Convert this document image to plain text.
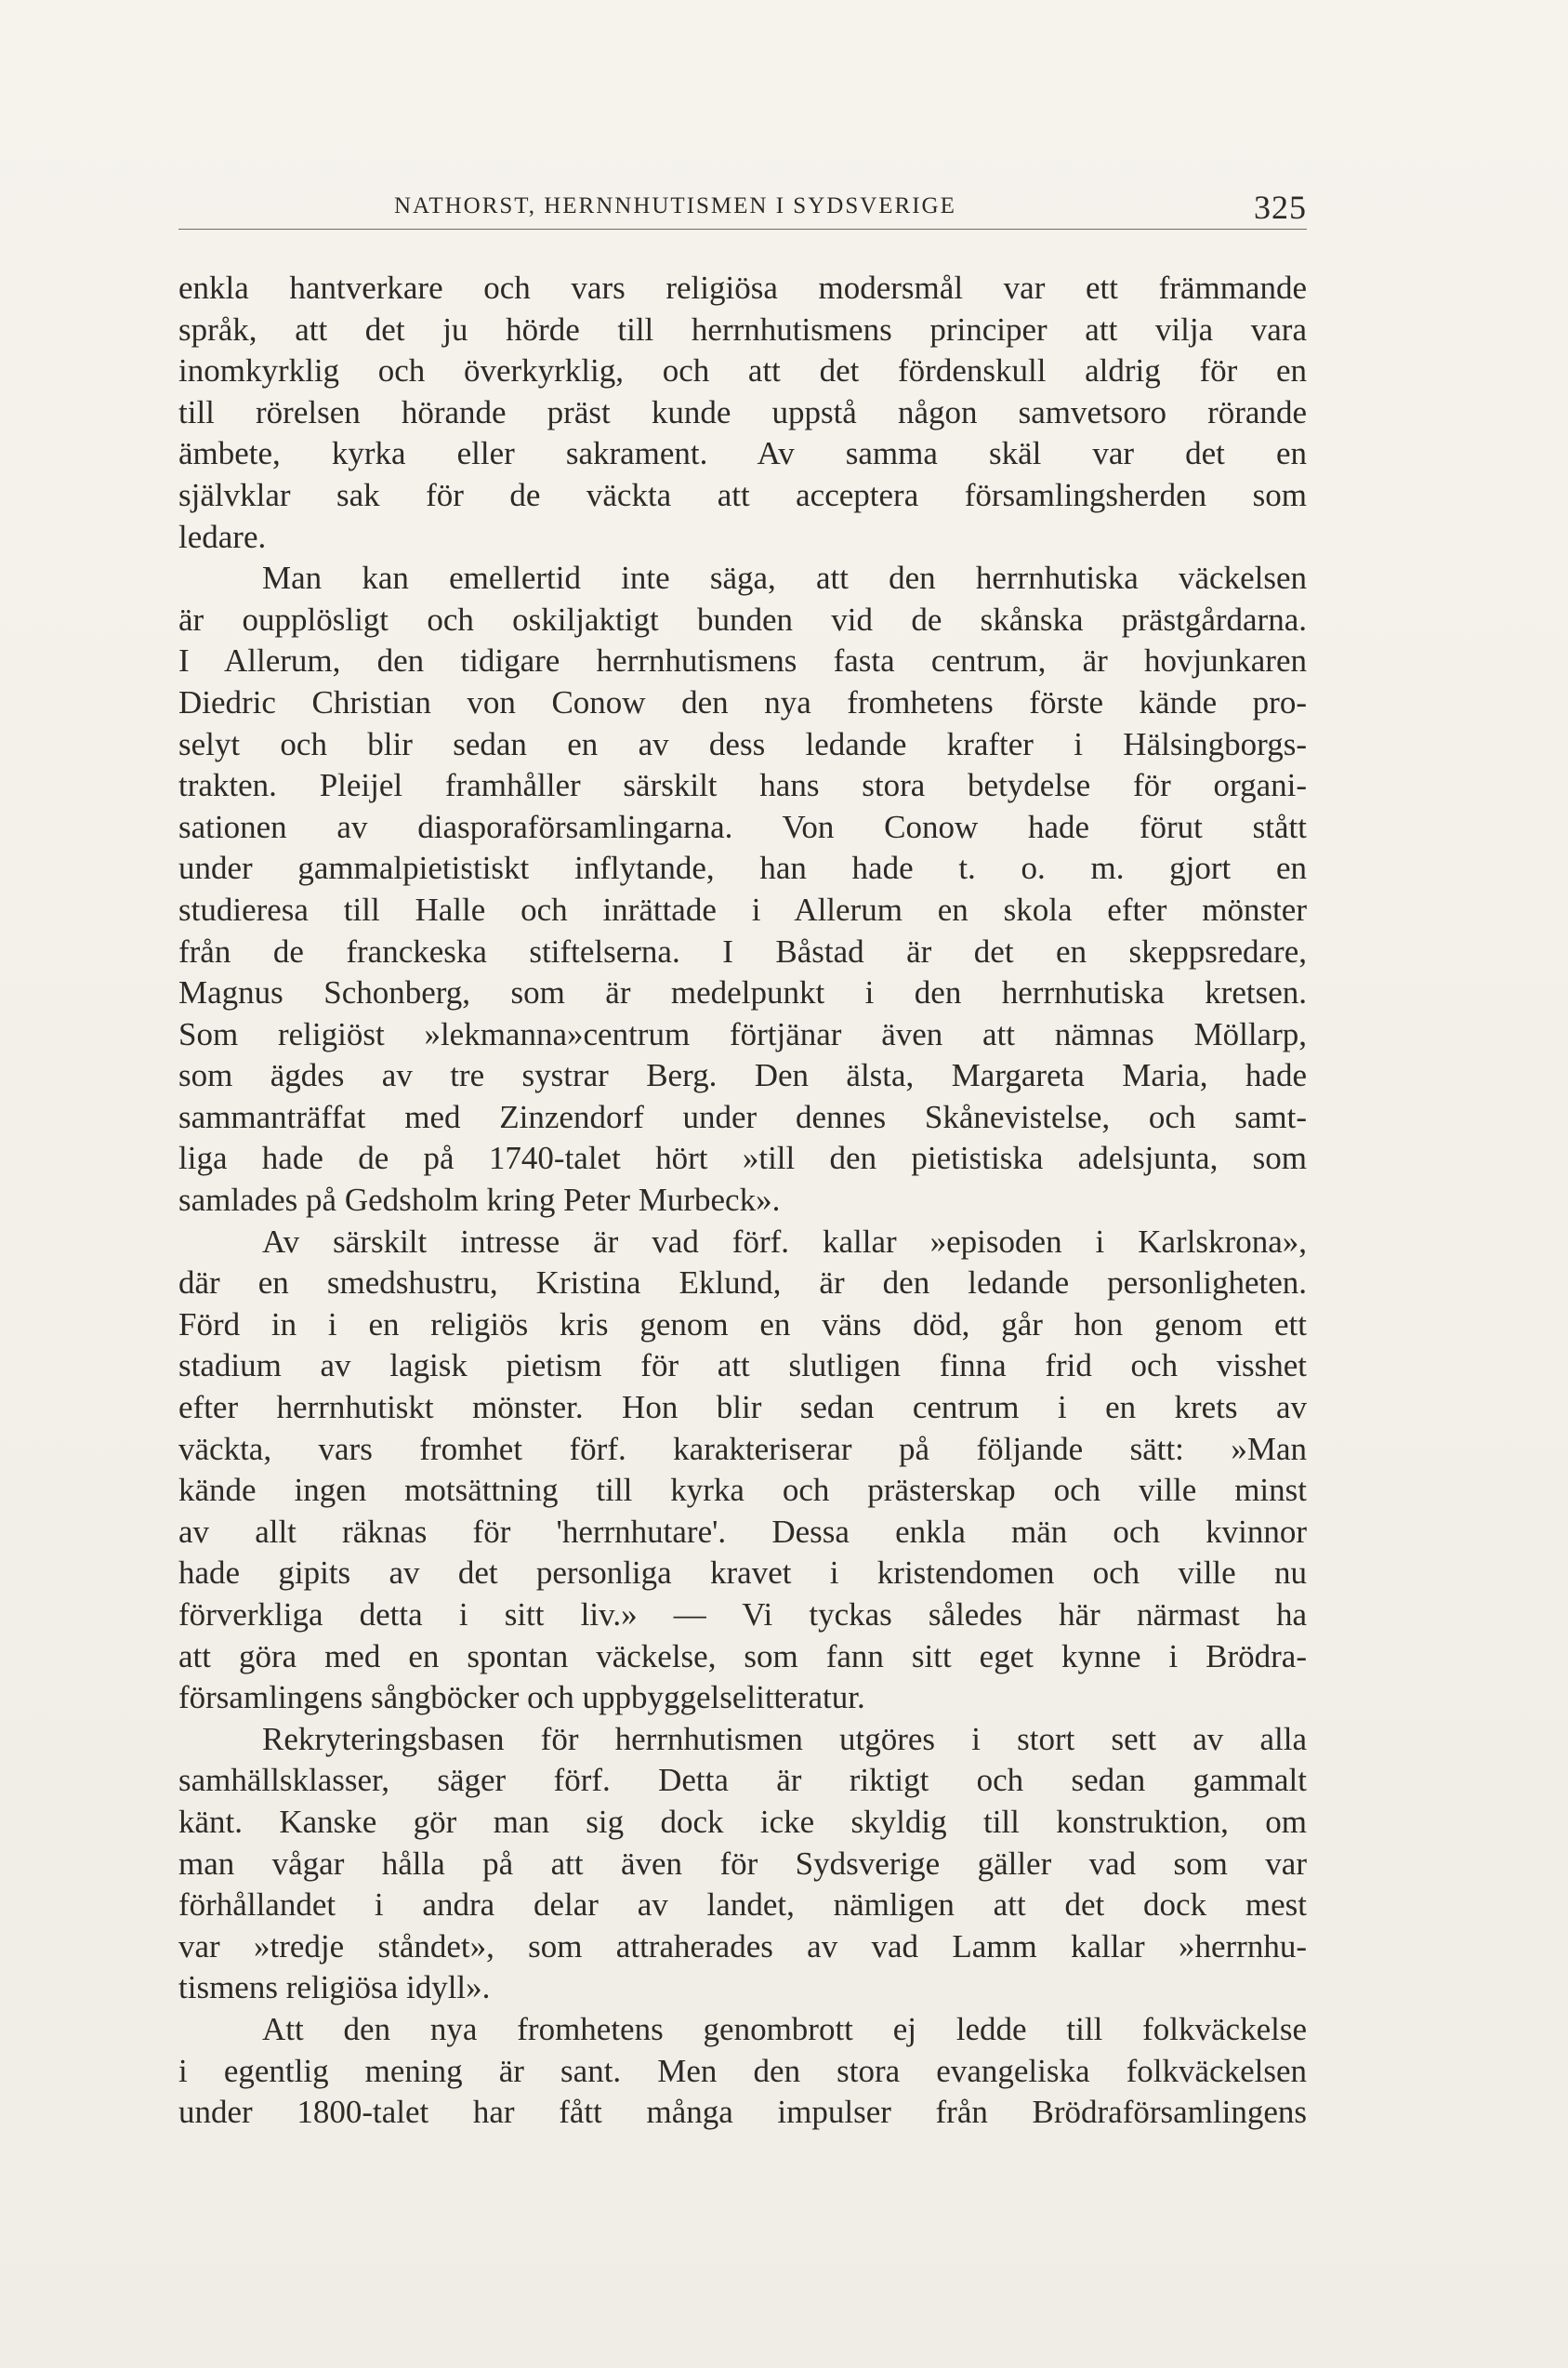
NATHORST, HERNNHUTISMEN I SYDSVERIGE	325
enkla hantverkare och vars religiösa modersmål var ett främmande
språk, att det ju hörde till herrnhutismens principer att vilja vara
inomkyrklig och överkyrklig, och att det fördenskull aldrig för en
till rörelsen hörande präst kunde uppstå någon samvetsoro rörande
ämbete, kyrka eller sakrament. Av samma skäl var det en
självklar sak för de väckta att acceptera församlingsherden som
ledare.
Man kan emellertid inte säga, att den herrnhutiska väckelsen
är oupplösligt och oskiljaktigt bunden vid de skånska prästgårdarna.
I Allerum, den tidigare herrnhutismens fasta centrum, är hovjunkaren
Diedric Christian von Conow den nya fromhetens förste kände pro-
selyt och blir sedan en av dess ledande krafter i Hälsingborgs-
trakten. Pleijel framhåller särskilt hans stora betydelse för organi-
sationen av diasporaförsamlingarna. Von Conow hade förut stått
under gammalpietistiskt inflytande, han hade t. o. m. gjort en
studieresa till Halle och inrättade i Allerum en skola efter mönster
från de franckeska stiftelserna. I Båstad är det en skeppsredare,
Magnus Schonberg, som är medelpunkt i den herrnhutiska kretsen.
Som religiöst »lekmanna»centrum förtjänar även att nämnas Möllarp,
som ägdes av tre systrar Berg. Den älsta, Margareta Maria, hade
sammanträffat med Zinzendorf under dennes Skånevistelse, och samt-
liga hade de på 1740-talet hört »till den pietistiska adelsjunta, som
samlades på Gedsholm kring Peter Murbeck».
Av särskilt intresse är vad förf. kallar »episoden i Karlskrona»,
där en smedshustru, Kristina Eklund, är den ledande personligheten.
Förd in i en religiös kris genom en väns död, går hon genom ett
stadium av lagisk pietism för att slutligen finna frid och visshet
efter herrnhutiskt mönster. Hon blir sedan centrum i en krets av
väckta, vars fromhet förf. karakteriserar på följande sätt: »Man
kände ingen motsättning till kyrka och prästerskap och ville minst
av allt räknas för 'herrnhutare'. Dessa enkla män och kvinnor
hade gipits av det personliga kravet i kristendomen och ville nu
förverkliga detta i sitt liv.» — Vi tyckas således här närmast ha
att göra med en spontan väckelse, som fann sitt eget kynne i Brödra-
församlingens sångböcker och uppbyggelselitteratur.
Rekryteringsbasen för herrnhutismen utgöres i stort sett av alla
samhällsklasser, säger förf. Detta är riktigt och sedan gammalt
känt. Kanske gör man sig dock icke skyldig till konstruktion, om
man vågar hålla på att även för Sydsverige gäller vad som var
förhållandet i andra delar av landet, nämligen att det dock mest
var »tredje ståndet», som attraherades av vad Lamm kallar »herrnhu-
tismens religiösa idyll».
Att den nya fromhetens genombrott ej ledde till folkväckelse
i egentlig mening är sant. Men den stora evangeliska folkväckelsen
under 1800-talet har fått många impulser från Brödraförsamlingens
